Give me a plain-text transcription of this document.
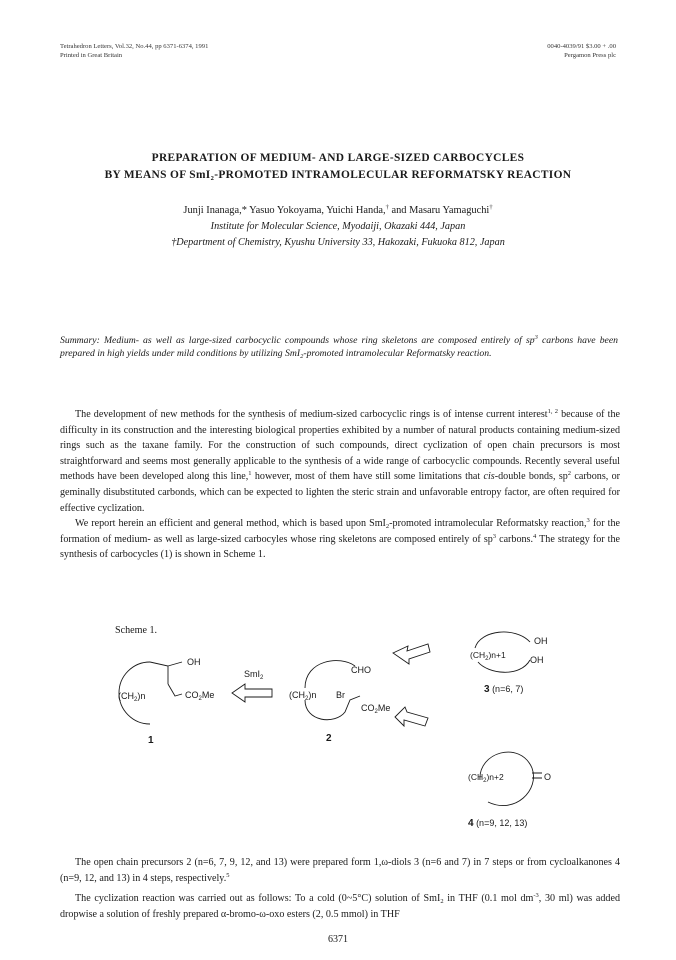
Tetrahedron Letters, Vol.32, No.44, pp 6371-6374, 1991
Printed in Great Britain
0040-4039/91 $3.00 + .00
Pergamon Press plc
PREPARATION OF MEDIUM- AND LARGE-SIZED CARBOCYCLES
BY MEANS OF SmI$_2$-PROMOTED INTRAMOLECULAR REFORMATSKY REACTION
Junji Inanaga,* Yasuo Yokoyama, Yuichi Handa,† and Masaru Yamaguchi†
Institute for Molecular Science, Myodaiji, Okazaki 444, Japan
†Department of Chemistry, Kyushu University 33, Hakozaki, Fukuoka 812, Japan
Summary: Medium- as well as large-sized carbocyclic compounds whose ring skeletons are composed entirely of $sp^3$ carbons have been prepared in high yields under mild conditions by utilizing SmI$_2$-promoted intramolecular Reformatsky reaction.
The development of new methods for the synthesis of medium-sized carbocyclic rings is of intense current interest$^{1, 2}$ because of the difficulty in its construction and the interesting biological properties exhibited by a number of natural products containing medium-sized rings such as the taxane family. For the construction of such compounds, direct cyclization of open chain precursors is most straightforward and seems most generally applicable to the synthesis of a wide range of carbocyclic compounds. Recently several useful methods have been developed along this line,$^1$ however, most of them have still some limitations that cis-double bonds, $sp^2$ carbons, or geminally disubstituted carbonds, which can be expected to lighten the steric strain and unfavorable entropy factor, are often required for effective cyclization.
We report herein an efficient and general method, which is based upon SmI$_2$-promoted intramolecular Reformatsky reaction,$^3$ for the formation of medium- as well as large-sized carbocyles whose ring skeletons are composed entirely of $sp^3$ carbons.$^4$ The strategy for the synthesis of carbocycles (1) is shown in Scheme 1.
Scheme 1.
$(CH_2)n$
OH
$CO_2Me$
1
SmI$_2$
CHO
$(CH_2)n$ Br
$CO_2Me$
2
OH
$(CH_2)n+1$	OH
3 (n=6, 7)
$(CH_2)n+2$	O
4 (n=9, 12, 13)
The open chain precursors 2 (n=6, 7, 9, 12, and 13) were prepared form 1,ω-diols 3 (n=6 and 7) in 7 steps or from cycloalkanones 4 (n=9, 12, and 13) in 4 steps, respectively.$^5$
The cyclization reaction was carried out as follows: To a cold (0~5°C) solution of SmI$_2$ in THF (0.1 mol $dm^{-3}$, 30 ml) was added dropwise a solution of freshly prepared α-bromo-ω-oxo esters (2, 0.5 mmol) in THF
6371
